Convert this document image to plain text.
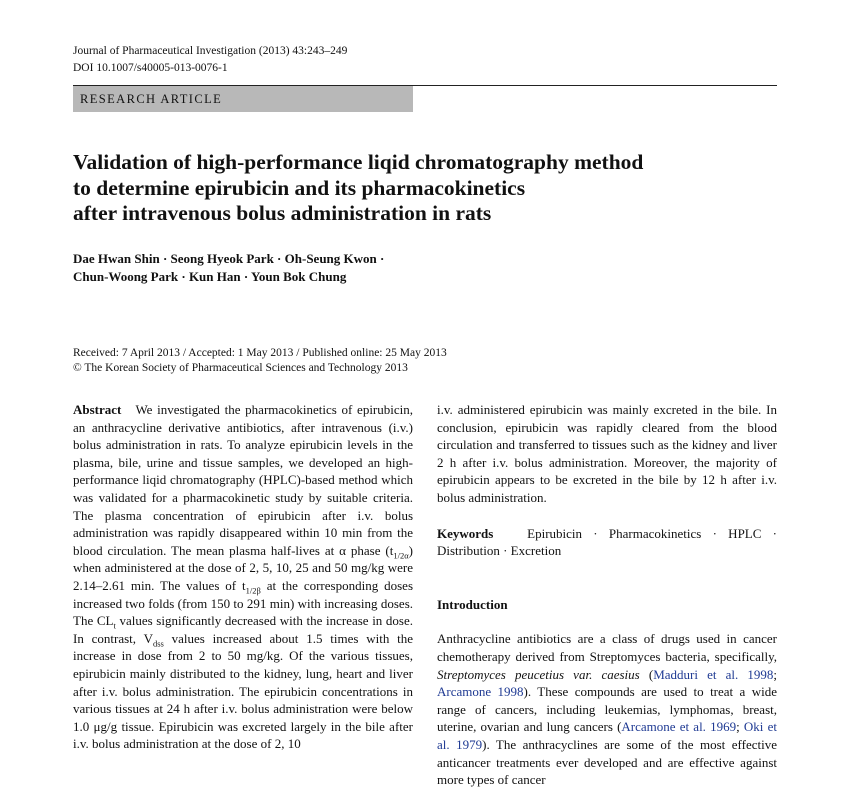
Journal of Pharmaceutical Investigation (2013) 43:243–249
DOI 10.1007/s40005-013-0076-1
RESEARCH ARTICLE
Validation of high-performance liqid chromatography method
to determine epirubicin and its pharmacokinetics
after intravenous bolus administration in rats
Dae Hwan Shin · Seong Hyeok Park · Oh-Seung Kwon ·
Chun-Woong Park · Kun Han · Youn Bok Chung
Received: 7 April 2013 / Accepted: 1 May 2013 / Published online: 25 May 2013
© The Korean Society of Pharmaceutical Sciences and Technology 2013

Abstract We investigated the pharmacokinetics of epirubicin, an anthracycline derivative antibiotics, after intravenous (i.v.) bolus administration in rats. To analyze epirubicin levels in the plasma, bile, urine and tissue samples, we developed an high-performance liqid chromatography (HPLC)-based method which was validated for a pharmacokinetic study by suitable criteria. The plasma concentration of epirubicin after i.v. bolus administration was rapidly disappeared within 10 min from the blood circulation. The mean plasma half-lives at α phase $(t_{1/2\alpha})$ when administered at the dose of 2, 5, 10, 25 and 50 mg/kg were 2.14–2.61 min. The values of $t_{1/2\beta}$ at the corresponding doses increased two folds (from 150 to 291 min) with increasing doses. The $CL_t$ values significantly decreased with the increase in dose. In contrast, $V_{dss}$ values increased about 1.5 times with the increase in dose from 2 to 50 mg/kg. Of the various tissues, epirubicin mainly distributed to the kidney, lung, heart and liver after i.v. bolus administration. The epirubicin concentrations in various tissues at 24 h after i.v. bolus administration were below 1.0 μg/g tissue. Epirubicin was excreted largely in the bile after i.v. bolus administration at the dose of 2, 10

i.v. administered epirubicin was mainly excreted in the bile. In conclusion, epirubicin was rapidly cleared from the blood circulation and transferred to tissues such as the kidney and liver 2 h after i.v. bolus administration. Moreover, the majority of epirubicin appears to be excreted in the bile by 12 h after i.v. bolus administration.

Keywords	Epirubicin · Pharmacokinetics · HPLC · Distribution · Excretion

Introduction

Anthracycline antibiotics are a class of drugs used in cancer chemotherapy derived from Streptomyces bacteria, specifically, Streptomyces peucetius var. caesius (Madduri et al. 1998; Arcamone 1998). These compounds are used to treat a wide range of cancers, including leukemias, lymphomas, breast, uterine, ovarian and lung cancers (Arcamone et al. 1969; Oki et al. 1979). The anthracyclines are some of the most effective anticancer treatments ever developed and are effective against more types of cancer
